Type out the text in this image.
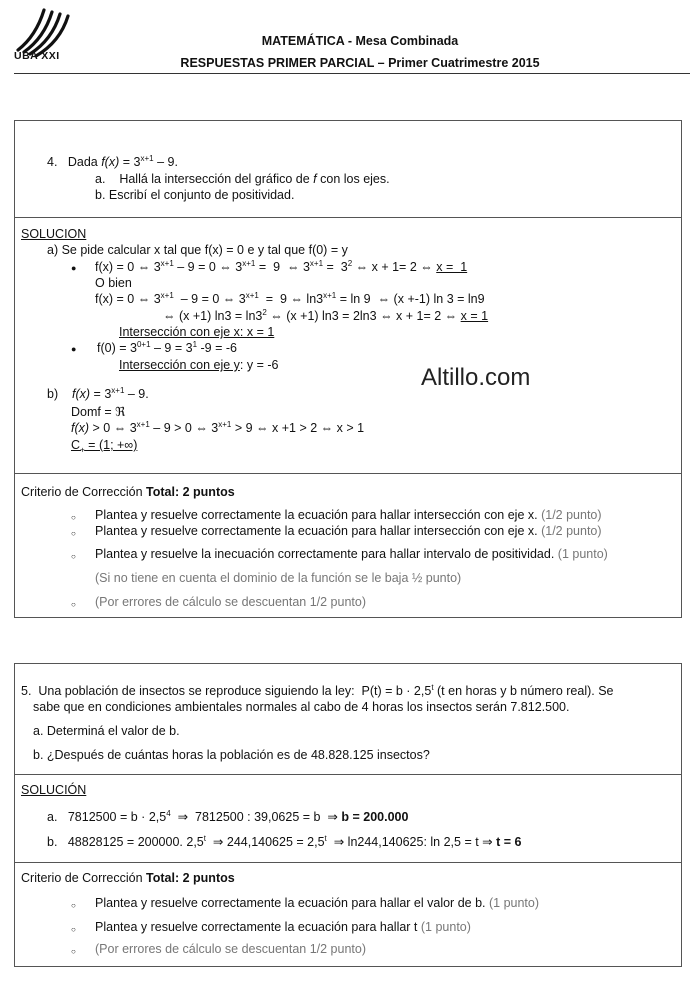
UBA XXI
MATEMÁTICA - Mesa Combinada
RESPUESTAS PRIMER PARCIAL – Primer Cuatrimestre 2015
4.   Dada $f(x) = 3^{x+1} - 9$.
a.    Hallá la intersección del gráfico de f con los ejes.
b. Escribí el conjunto de positividad.
SOLUCION
a) Se pide calcular x tal que f(x) = 0 e y tal que f(0) = y
● f(x) = 0 ⇔ $3^{x+1} - 9 = 0$ ⇔ $3^{x+1} = 9$  ⇔ $3^{x+1} = 3^2$ ⇔ x + 1= 2 ⇔ x =  1
O bien
f(x) = 0 ⇔ $3^{x+1} - 9 = 0$ ⇔ $3^{x+1} = 9$ ⇔ $\ln 3^{x+1} = \ln 9$  ⇔ (x +-1) ln 3 = ln9
⇔ (x +1) $\ln 3 = \ln 3^2$ ⇔ (x +1) ln3 = 2ln3 ⇔ x + 1= 2 ⇔ x = 1
Intersección con eje x: x = 1
● $f(0) = 3^{0+1} - 9 = 3^1$ -9 = -6
Intersección con eje y: y = -6
b)    $f(x) = 3^{x+1} - 9$.
Domf = ℜ
f(x) > 0 ⇔ $3^{x+1} - 9 > 0$ ⇔ $3^{x+1} > 9$ ⇔ x +1 > 2 ⇔ x > 1
$C_+ = (1$; +∞)
Criterio de Corrección Total: 2 puntos
○ Plantea y resuelve correctamente la ecuación para hallar intersección con eje x. (1/2 punto)
○ Plantea y resuelve correctamente la ecuación para hallar intersección con eje x. (1/2 punto)
○ Plantea y resuelve la inecuación correctamente para hallar intervalo de positividad. (1 punto)
(Si no tiene en cuenta el dominio de la función se le baja ½ punto)
○ (Por errores de cálculo se descuentan 1/2 punto)
5.  Una población de insectos se reproduce siguiendo la ley:  $P(t) = b \cdot 2,5^t$ (t en horas y b número real). Se
sabe que en condiciones ambientales normales al cabo de 4 horas los insectos serán 7.812.500.
a. Determiná el valor de b.
b. ¿Después de cuántas horas la población es de 48.828.125 insectos?
SOLUCIÓN
a.   $7812500 = b \cdot 2,5^4$  ⇒  7812500 : 39,0625 = b  ⇒ b = 200.000
b.   48828125 = 200000. 2,5$^t$  ⇒ $244,140625 = 2,5^t$  ⇒ ln244,140625: ln 2,5 = t ⇒ t = 6
Criterio de Corrección Total: 2 puntos
○ Plantea y resuelve correctamente la ecuación para hallar el valor de b. (1 punto)
○ Plantea y resuelve correctamente la ecuación para hallar t (1 punto)
○ (Por errores de cálculo se descuentan 1/2 punto)
Altillo.com
